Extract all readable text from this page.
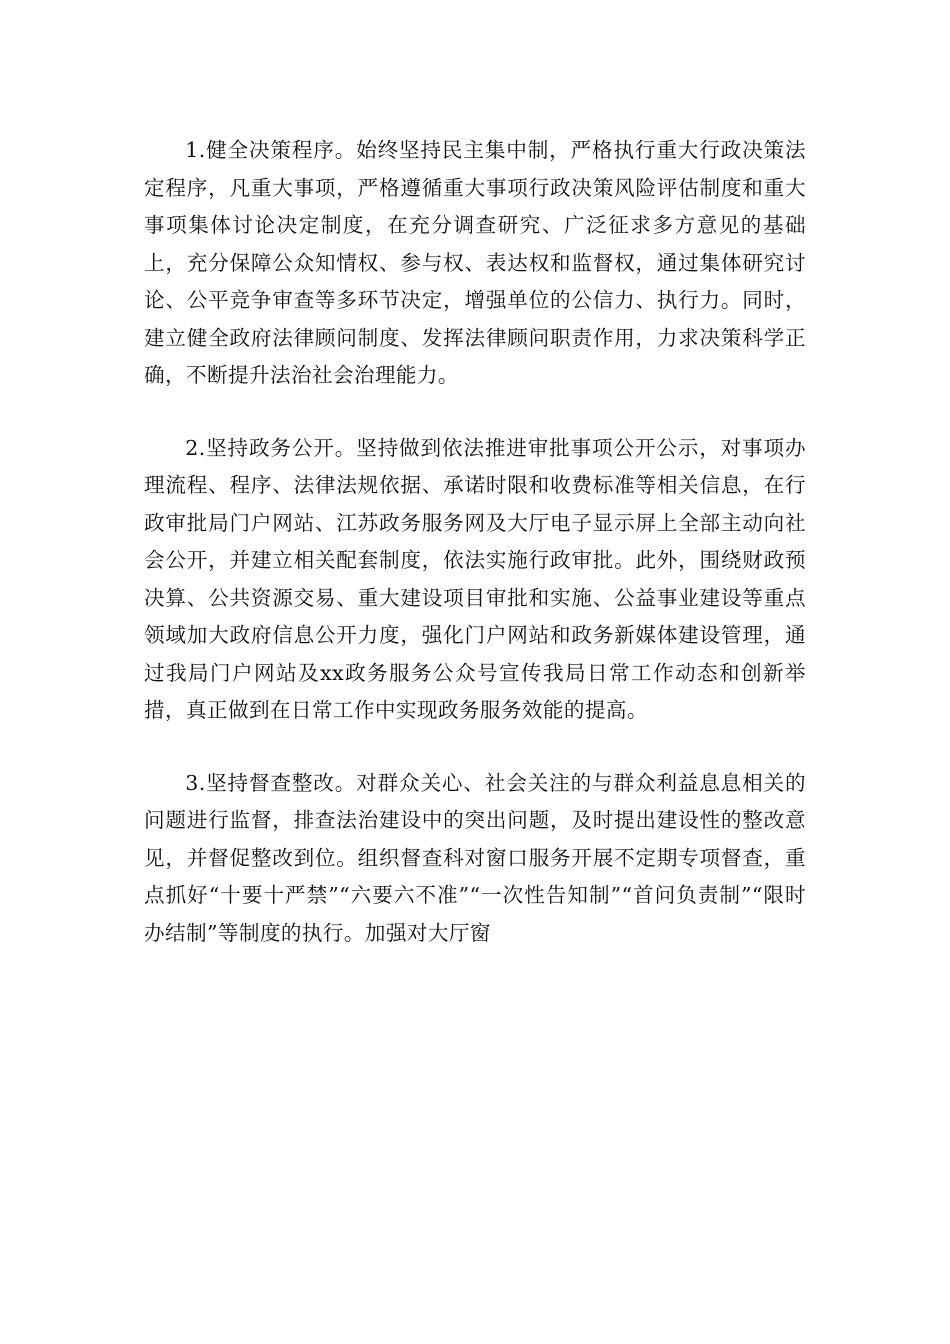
1.健全决策程序。始终坚持民主集中制，严格执行重大行政决策法定程序，凡重大事项，严格遵循重大事项行政决策风险评估制度和重大事项集体讨论决定制度，在充分调查研究、广泛征求多方意见的基础上，充分保障公众知情权、参与权、表达权和监督权，通过集体研究讨论、公平竞争审查等多环节决定，增强单位的公信力、执行力。同时，建立健全政府法律顾问制度、发挥法律顾问职责作用，力求决策科学正确，不断提升法治社会治理能力。

2.坚持政务公开。坚持做到依法推进审批事项公开公示，对事项办理流程、程序、法律法规依据、承诺时限和收费标准等相关信息，在行政审批局门户网站、江苏政务服务网及大厅电子显示屏上全部主动向社会公开，并建立相关配套制度，依法实施行政审批。此外，围绕财政预决算、公共资源交易、重大建设项目审批和实施、公益事业建设等重点领域加大政府信息公开力度，强化门户网站和政务新媒体建设管理，通过我局门户网站及xx政务服务公众号宣传我局日常工作动态和创新举措，真正做到在日常工作中实现政务服务效能的提高。

3.坚持督查整改。对群众关心、社会关注的与群众利益息息相关的问题进行监督，排查法治建设中的突出问题，及时提出建设性的整改意见，并督促整改到位。组织督查科对窗口服务开展不定期专项督查，重点抓好“十要十严禁”“六要六不准”“一次性告知制”“首问负责制”“限时办结制”等制度的执行。加强对大厅窗
